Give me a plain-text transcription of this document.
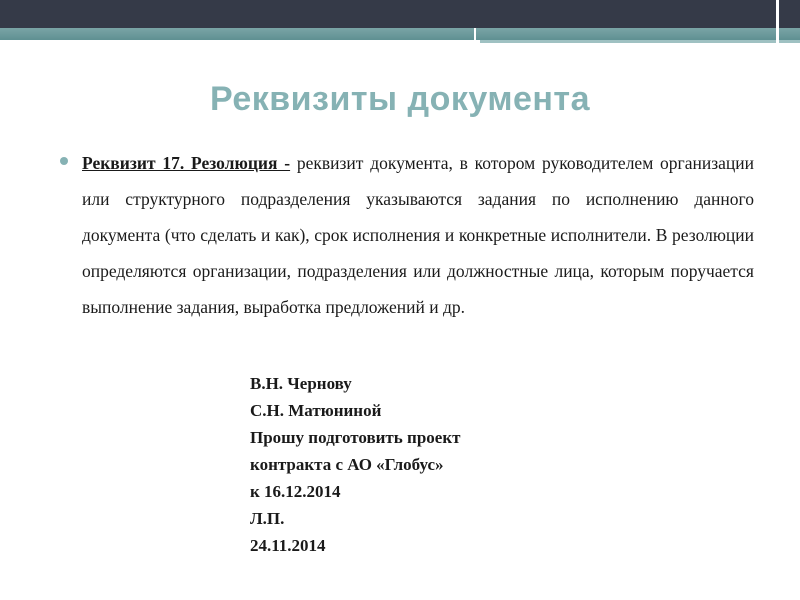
Реквизиты документа
Реквизит 17. Резолюция - реквизит документа, в котором руководителем организации или структурного подразделения указываются задания по исполнению данного документа (что сделать и как), срок исполнения и конкретные исполнители. В резолюции определяются организации, подразделения или должностные лица, которым поручается выполнение задания, выработка предложений и др.
В.Н. Чернову
С.Н. Матюниной
Прошу подготовить проект
контракта с АО «Глобус»
к 16.12.2014
Л.П.
24.11.2014
